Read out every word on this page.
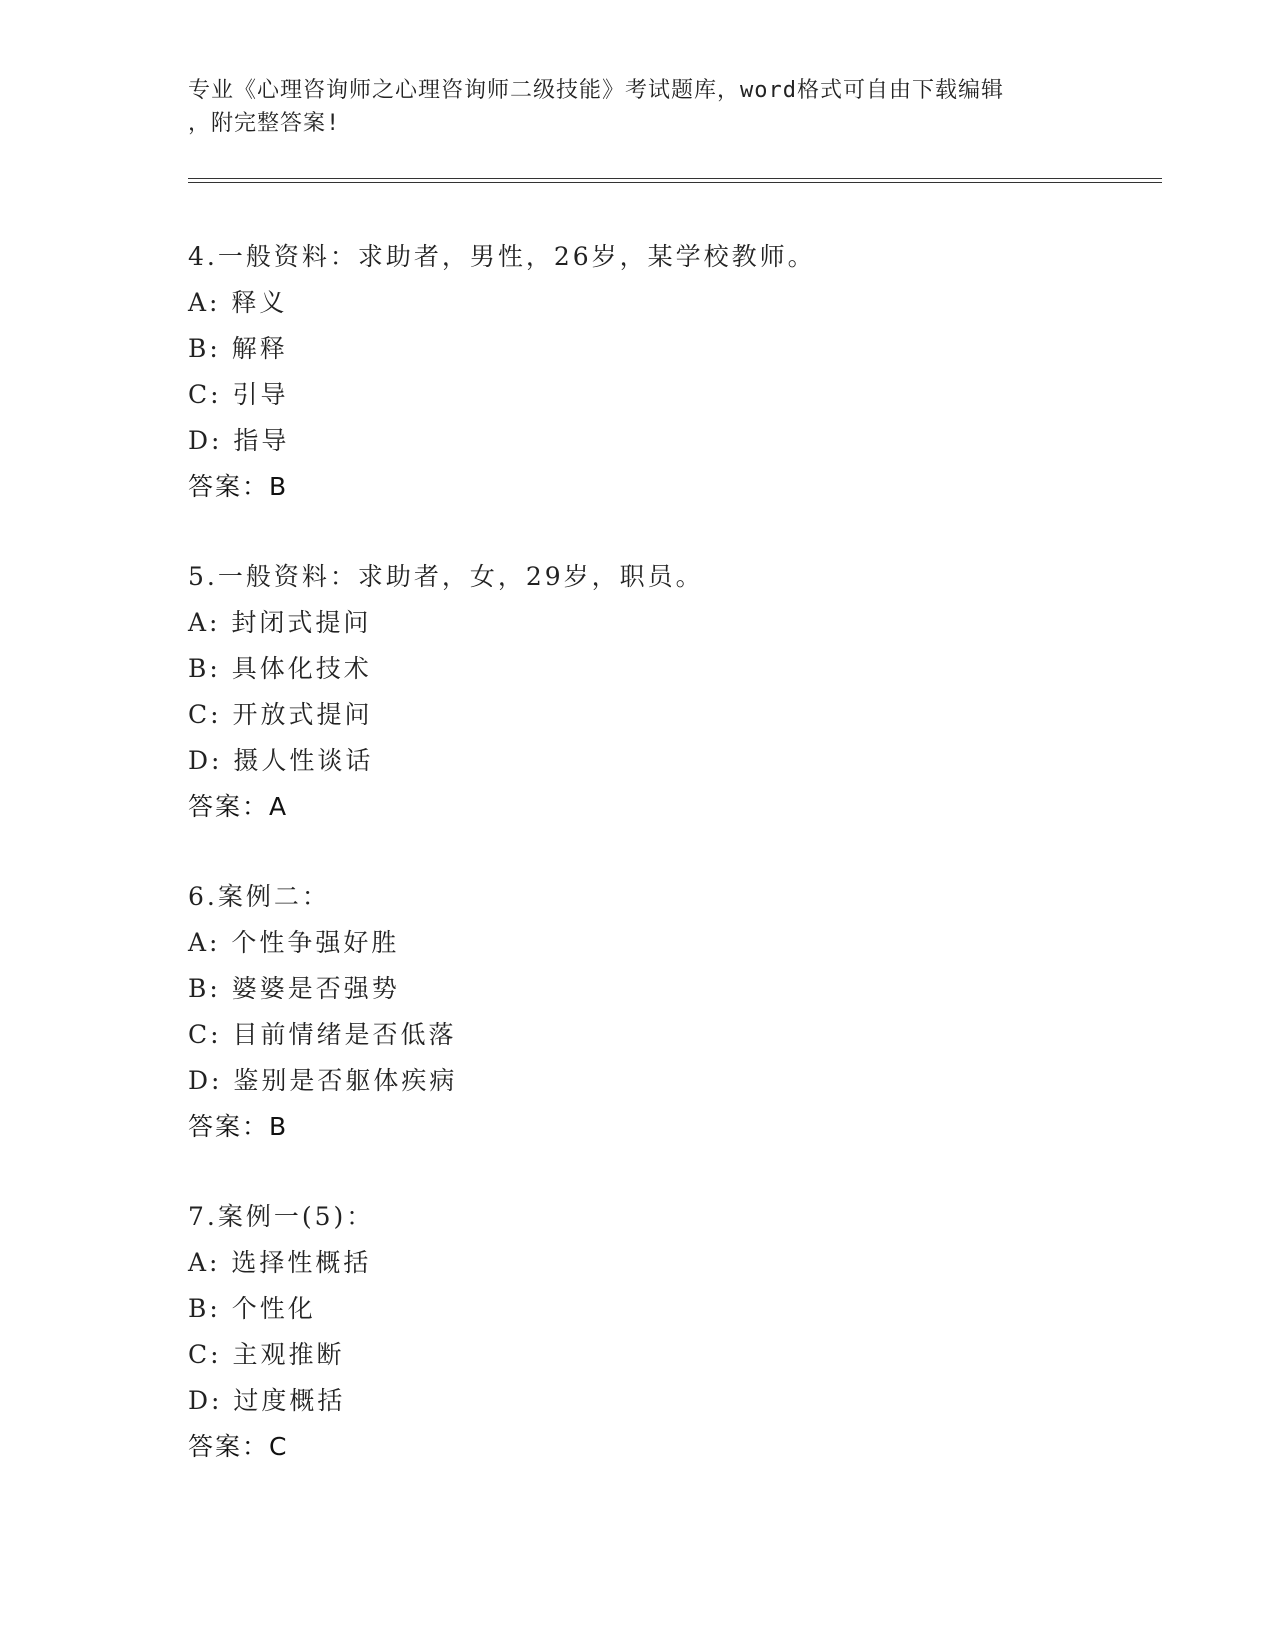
专业《心理咨询师之心理咨询师二级技能》考试题库，word格式可自由下载编辑
，附完整答案!
4.一般资料：求助者，男性，26岁，某学校教师。
A: 释义
B: 解释
C: 引导
D: 指导
答案：B
5.一般资料：求助者，女，29岁，职员。
A: 封闭式提问
B: 具体化技术
C: 开放式提问
D: 摄人性谈话
答案：A
6.案例二：
A: 个性争强好胜
B: 婆婆是否强势
C: 目前情绪是否低落
D: 鉴别是否躯体疾病
答案：B
7.案例一(5)：
A: 选择性概括
B: 个性化
C: 主观推断
D: 过度概括
答案：C
